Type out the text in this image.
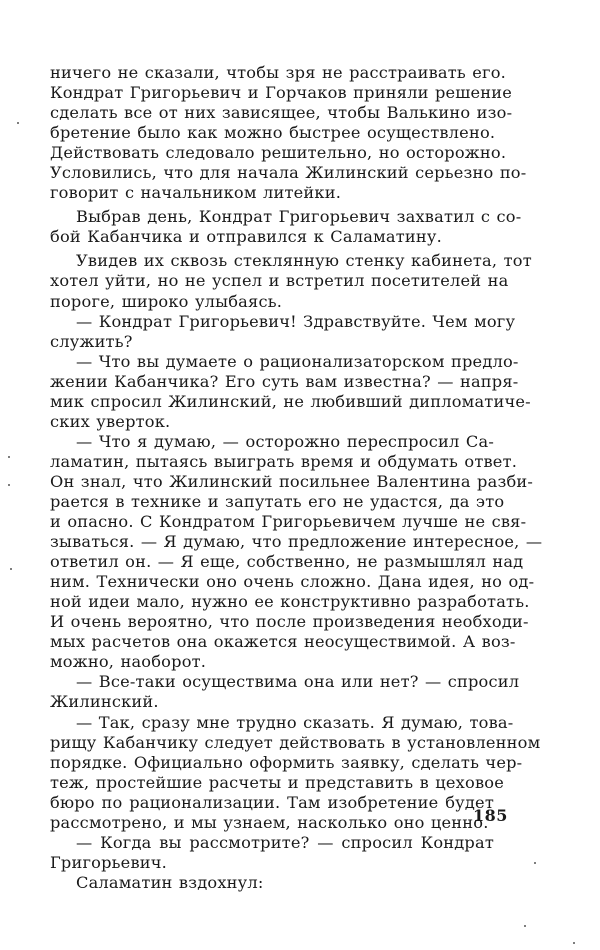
ничего не сказали, чтобы зря не расстраивать его.
Кондрат Григорьевич и Горчаков приняли решение
сделать все от них зависящее, чтобы Валькино изо-
бретение было как можно быстрее осуществлено.
Действовать следовало решительно, но осторожно.
Условились, что для начала Жилинский серьезно по-
говорит с начальником литейки.
Выбрав день, Кондрат Григорьевич захватил с со-
бой Кабанчика и отправился к Саламатину.
Увидев их сквозь стеклянную стенку кабинета, тот
хотел уйти, но не успел и встретил посетителей на
пороге, широко улыбаясь.
— Кондрат Григорьевич! Здравствуйте. Чем могу
служить?
— Что вы думаете о рационализаторском предло-
жении Кабанчика? Его суть вам известна? — напря-
мик спросил Жилинский, не любивший дипломатиче-
ских уверток.
— Что я думаю, — осторожно переспросил Са-
ламатин, пытаясь выиграть время и обдумать ответ.
Он знал, что Жилинский посильнее Валентина разби-
рается в технике и запутать его не удастся, да это
и опасно. С Кондратом Григорьевичем лучше не свя-
зываться. — Я думаю, что предложение интересное, —
ответил он. — Я еще, собственно, не размышлял над
ним. Технически оно очень сложно. Дана идея, но од-
ной идеи мало, нужно ее конструктивно разработать.
И очень вероятно, что после произведения необходи-
мых расчетов она окажется неосуществимой. А воз-
можно, наоборот.
— Все-таки осуществима она или нет? — спросил
Жилинский.
— Так, сразу мне трудно сказать. Я думаю, това-
рищу Кабанчику следует действовать в установленном
порядке. Официально оформить заявку, сделать чер-
теж, простейшие расчеты и представить в цеховое
бюро по рационализации. Там изобретение будет
рассмотрено, и мы узнаем, насколько оно ценно.
— Когда вы рассмотрите? — спросил Кондрат
Григорьевич.
Саламатин вздохнул:
185
